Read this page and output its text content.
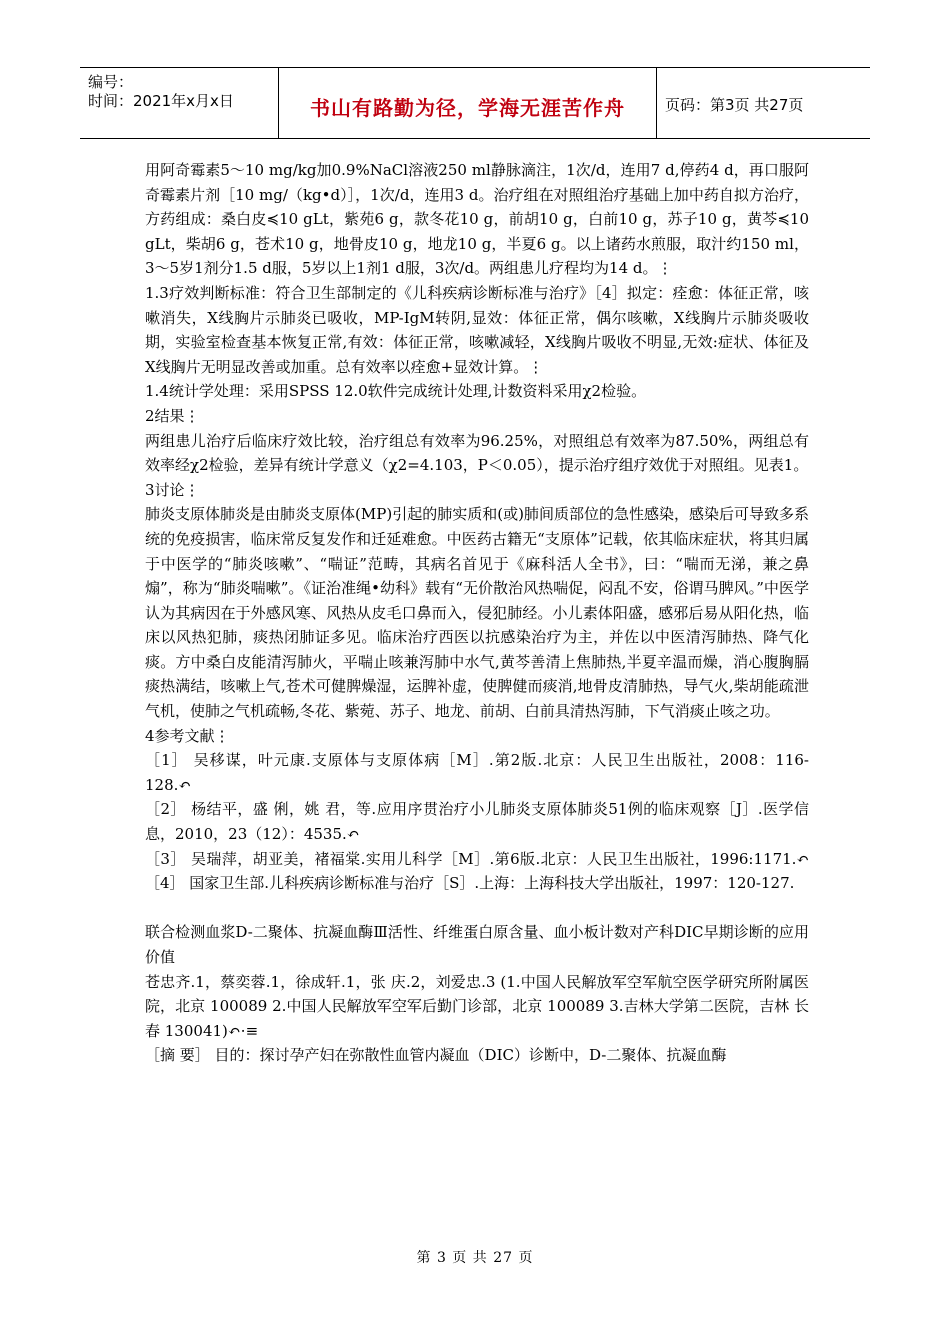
编号：
时间：2021年x月x日	书山有路勤为径，学海无涯苦作舟	页码：第3页 共27页

用阿奇霉素5～10 mg/kg加0.9%NaCl溶液250 ml静脉滴注，1次/d，连用7 d,停药4 d，再口服阿奇霉素片剂［10 mg/（kg•d）］，1次/d，连用3 d。治疗组在对照组治疗基础上加中药自拟方治疗，方药组成：桑白皮≼10 gLt，紫苑6 g，款冬花10 g，前胡10 g，白前10 g，苏子10 g，黄芩≼10 gLt，柴胡6 g，苍术10 g，地骨皮10 g，地龙10 g，半夏6 g。以上诸药水煎服，取汁约150 ml，3～5岁1剂分1.5 d服，5岁以上1剂1 d服，3次/d。两组患儿疗程均为14 d。⋮

1.3疗效判断标准：符合卫生部制定的《儿科疾病诊断标准与治疗》［4］拟定：痊愈：体征正常，咳嗽消失，X线胸片示肺炎已吸收，MP-IgM转阴,显效：体征正常，偶尔咳嗽，X线胸片示肺炎吸收期，实验室检查基本恢复正常,有效：体征正常，咳嗽减轻，X线胸片吸收不明显,无效:症状、体征及X线胸片无明显改善或加重。总有效率以痊愈+显效计算。⋮

1.4统计学处理：采用SPSS 12.0软件完成统计处理,计数资料采用χ2检验。

2结果⋮

两组患儿治疗后临床疗效比较，治疗组总有效率为96.25%，对照组总有效率为87.50%，两组总有效率经χ2检验，差异有统计学意义（χ2=4.103，P＜0.05），提示治疗组疗效优于对照组。见表1。

3讨论⋮

肺炎支原体肺炎是由肺炎支原体(MP)引起的肺实质和(或)肺间质部位的急性感染，感染后可导致多系统的免疫损害，临床常反复发作和迁延难愈。中医药古籍无“支原体”记载，依其临床症状，将其归属于中医学的“肺炎咳嗽”、“喘证”范畴，其病名首见于《麻科活人全书》，曰：“喘而无涕，兼之鼻煽”，称为“肺炎喘嗽”。《证治准绳•幼科》载有“无价散治风热喘促，闷乱不安，俗谓马脾风。”中医学认为其病因在于外感风寒、风热从皮毛口鼻而入，侵犯肺经。小儿素体阳盛，感邪后易从阳化热，临床以风热犯肺，痰热闭肺证多见。临床治疗西医以抗感染治疗为主，并佐以中医清泻肺热、降气化痰。方中桑白皮能清泻肺火，平喘止咳兼泻肺中水气,黄芩善清上焦肺热,半夏辛温而燥，消心腹胸膈痰热满结，咳嗽上气,苍术可健脾燥湿，运脾补虚，使脾健而痰消,地骨皮清肺热，导气火,柴胡能疏泄气机，使肺之气机疏畅,冬花、紫菀、苏子、地龙、前胡、白前具清热泻肺，下气消痰止咳之功。

4参考文献⋮

［1］ 吴移谋，叶元康.支原体与支原体病［M］.第2版.北京：人民卫生出版社，2008：116-128.↶

［2］ 杨结平，盛 俐，姚 君，等.应用序贯治疗小儿肺炎支原体肺炎51例的临床观察［J］.医学信息，2010，23（12）：4535.↶

［3］ 吴瑞萍，胡亚美，褚福棠.实用儿科学［M］.第6版.北京：人民卫生出版社，1996:1171.↶［4］ 国家卫生部.儿科疾病诊断标准与治疗［S］.上海：上海科技大学出版社，1997：120-127.

联合检测血浆D-二聚体、抗凝血酶Ⅲ活性、纤维蛋白原含量、血小板计数对产科DIC早期诊断的应用价值

苍忠齐.1，蔡奕蓉.1，徐成轩.1，张 庆.2，刘爱忠.3 (1.中国人民解放军空军航空医学研究所附属医院，北京 100089 2.中国人民解放军空军后勤门诊部，北京 100089 3.吉林大学第二医院，吉林 长春 130041)↶⋅≡

［摘 要］ 目的：探讨孕产妇在弥散性血管内凝血（DIC）诊断中，D-二聚体、抗凝血酶

第 3 页 共 27 页
